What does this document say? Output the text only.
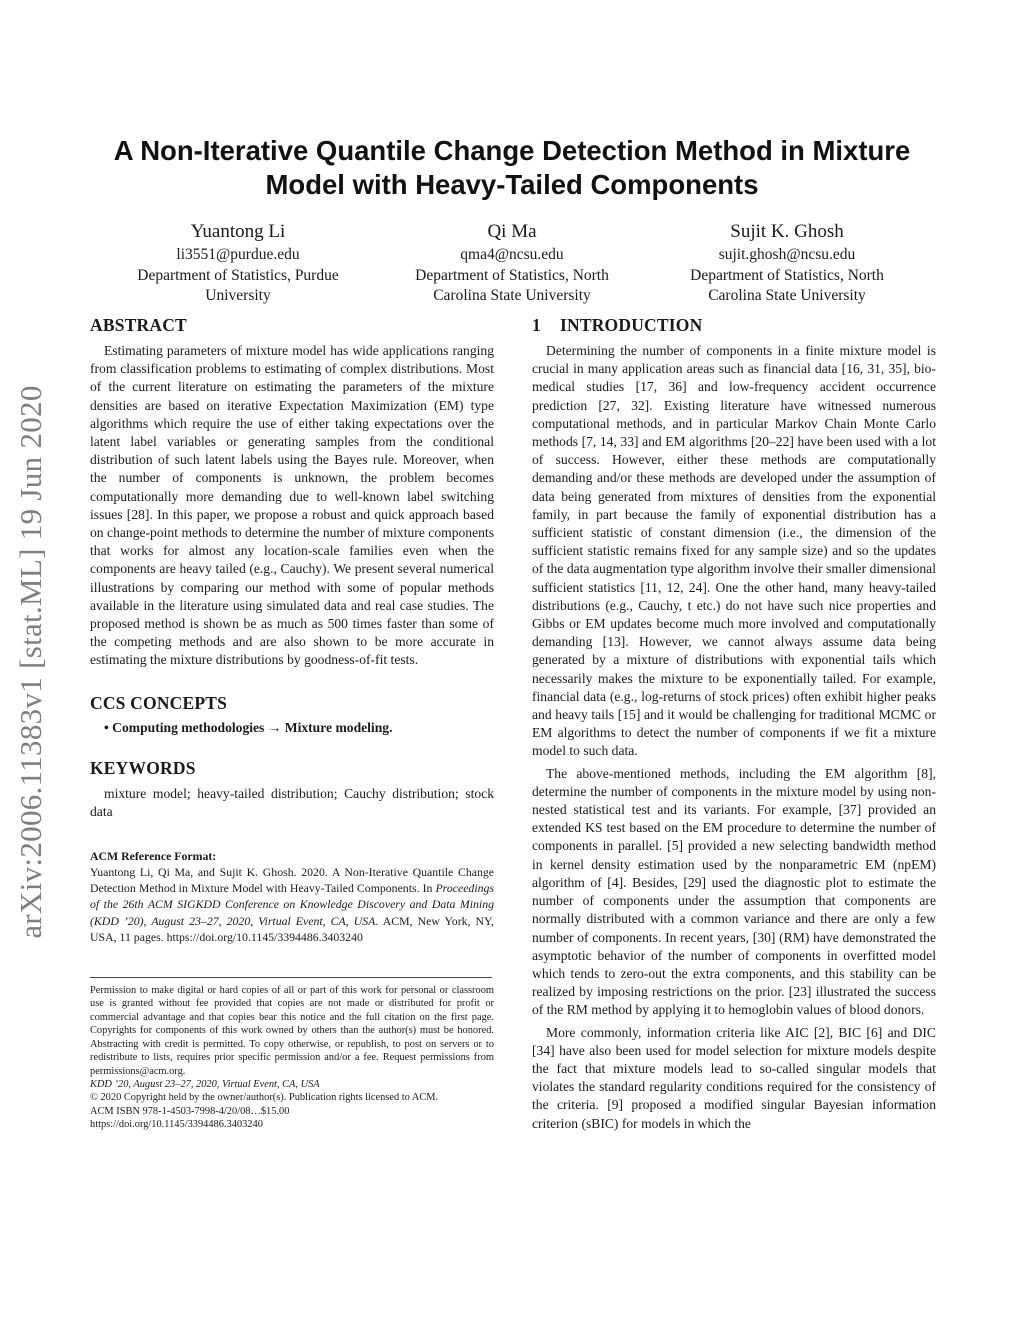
arXiv:2006.11383v1 [stat.ML] 19 Jun 2020
A Non-Iterative Quantile Change Detection Method in Mixture
Model with Heavy-Tailed Components
Yuantong Li
li3551@purdue.edu
Department of Statistics, Purdue
University
Qi Ma
qma4@ncsu.edu
Department of Statistics, North
Carolina State University
Sujit K. Ghosh
sujit.ghosh@ncsu.edu
Department of Statistics, North
Carolina State University
ABSTRACT

Estimating parameters of mixture model has wide applications ranging from classification problems to estimating of complex distributions. Most of the current literature on estimating the parameters of the mixture densities are based on iterative Expectation Maximization (EM) type algorithms which require the use of either taking expectations over the latent label variables or generating samples from the conditional distribution of such latent labels using the Bayes rule. Moreover, when the number of components is unknown, the problem becomes computationally more demanding due to well-known label switching issues [28]. In this paper, we propose a robust and quick approach based on change-point methods to determine the number of mixture components that works for almost any location-scale families even when the components are heavy tailed (e.g., Cauchy). We present several numerical illustrations by comparing our method with some of popular methods available in the literature using simulated data and real case studies. The proposed method is shown be as much as 500 times faster than some of the competing methods and are also shown to be more accurate in estimating the mixture distributions by goodness-of-fit tests.

CCS CONCEPTS
• Computing methodologies → Mixture modeling.
KEYWORDS

mixture model; heavy-tailed distribution; Cauchy distribution; stock data

ACM Reference Format:

Yuantong Li, Qi Ma, and Sujit K. Ghosh. 2020. A Non-Iterative Quantile Change Detection Method in Mixture Model with Heavy-Tailed Components. In Proceedings of the 26th ACM SIGKDD Conference on Knowledge Discovery and Data Mining (KDD ’20), August 23–27, 2020, Virtual Event, CA, USA. ACM, New York, NY, USA, 11 pages. https://doi.org/10.1145/3394486.3403240

Permission to make digital or hard copies of all or part of this work for personal or classroom use is granted without fee provided that copies are not made or distributed for profit or commercial advantage and that copies bear this notice and the full citation on the first page. Copyrights for components of this work owned by others than the author(s) must be honored. Abstracting with credit is permitted. To copy otherwise, or republish, to post on servers or to redistribute to lists, requires prior specific permission and/or a fee. Request permissions from permissions@acm.org.

KDD ’20, August 23–27, 2020, Virtual Event, CA, USA

© 2020 Copyright held by the owner/author(s). Publication rights licensed to ACM.

ACM ISBN 978-1-4503-7998-4/20/08…$15.00

https://doi.org/10.1145/3394486.3403240

1 INTRODUCTION

Determining the number of components in a finite mixture model is crucial in many application areas such as financial data [16, 31, 35], bio-medical studies [17, 36] and low-frequency accident occurrence prediction [27, 32]. Existing literature have witnessed numerous computational methods, and in particular Markov Chain Monte Carlo methods [7, 14, 33] and EM algorithms [20–22] have been used with a lot of success. However, either these methods are computationally demanding and/or these methods are developed under the assumption of data being generated from mixtures of densities from the exponential family, in part because the family of exponential distribution has a sufficient statistic of constant dimension (i.e., the dimension of the sufficient statistic remains fixed for any sample size) and so the updates of the data augmentation type algorithm involve their smaller dimensional sufficient statistics [11, 12, 24]. One the other hand, many heavy-tailed distributions (e.g., Cauchy, t etc.) do not have such nice properties and Gibbs or EM updates become much more involved and computationally demanding [13]. However, we cannot always assume data being generated by a mixture of distributions with exponential tails which necessarily makes the mixture to be exponentially tailed. For example, financial data (e.g., log-returns of stock prices) often exhibit higher peaks and heavy tails [15] and it would be challenging for traditional MCMC or EM algorithms to detect the number of components if we fit a mixture model to such data.

The above-mentioned methods, including the EM algorithm [8], determine the number of components in the mixture model by using non-nested statistical test and its variants. For example, [37] provided an extended KS test based on the EM procedure to determine the number of components in parallel. [5] provided a new selecting bandwidth method in kernel density estimation used by the nonparametric EM (npEM) algorithm of [4]. Besides, [29] used the diagnostic plot to estimate the number of components under the assumption that components are normally distributed with a common variance and there are only a few number of components. In recent years, [30] (RM) have demonstrated the asymptotic behavior of the number of components in overfitted model which tends to zero-out the extra components, and this stability can be realized by imposing restrictions on the prior. [23] illustrated the success of the RM method by applying it to hemoglobin values of blood donors.

More commonly, information criteria like AIC [2], BIC [6] and DIC [34] have also been used for model selection for mixture models despite the fact that mixture models lead to so-called singular models that violates the standard regularity conditions required for the consistency of the criteria. [9] proposed a modified singular Bayesian information criterion (sBIC) for models in which the
